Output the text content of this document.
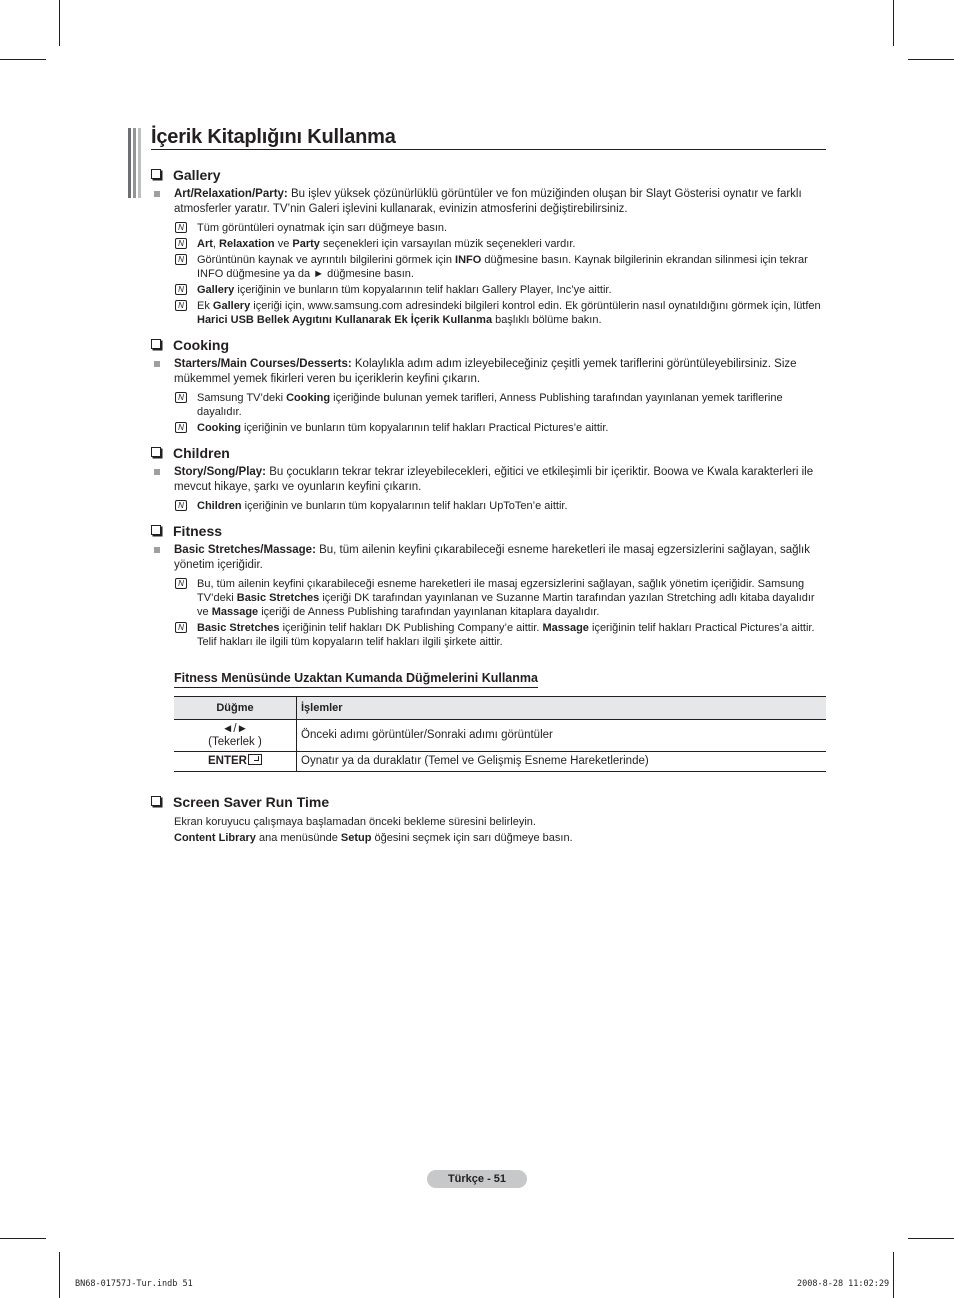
İçerik Kitaplığını Kullanma
Gallery
Art/Relaxation/Party: Bu işlev yüksek çözünürlüklü görüntüler ve fon müziğinden oluşan bir Slayt Gösterisi oynatır ve farklı atmosferler yaratır. TV’nin Galeri işlevini kullanarak, evinizin atmosferini değiştirebilirsiniz.
N Tüm görüntüleri oynatmak için sarı düğmeye basın.
N Art, Relaxation ve Party seçenekleri için varsayılan müzik seçenekleri vardır.
N Görüntünün kaynak ve ayrıntılı bilgilerini görmek için INFO düğmesine basın. Kaynak bilgilerinin ekrandan silinmesi için tekrar INFO düğmesine ya da ► düğmesine basın.
N Gallery içeriğinin ve bunların tüm kopyalarının telif hakları Gallery Player, Inc’ye aittir.
N Ek Gallery içeriği için, www.samsung.com adresindeki bilgileri kontrol edin. Ek görüntülerin nasıl oynatıldığını görmek için, lütfen Harici USB Bellek Aygıtını Kullanarak Ek İçerik Kullanma başlıklı bölüme bakın.
Cooking
Starters/Main Courses/Desserts: Kolaylıkla adım adım izleyebileceğiniz çeşitli yemek tariflerini görüntüleyebilirsiniz. Size mükemmel yemek fikirleri veren bu içeriklerin keyfini çıkarın.
N Samsung TV’deki Cooking içeriğinde bulunan yemek tarifleri, Anness Publishing tarafından yayınlanan yemek tariflerine dayalıdır.
N Cooking içeriğinin ve bunların tüm kopyalarının telif hakları Practical Pictures’e aittir.
Children
Story/Song/Play: Bu çocukların tekrar tekrar izleyebilecekleri, eğitici ve etkileşimli bir içeriktir. Boowa ve Kwala karakterleri ile mevcut hikaye, şarkı ve oyunların keyfini çıkarın.
N Children içeriğinin ve bunların tüm kopyalarının telif hakları UpToTen’e aittir.
Fitness
Basic Stretches/Massage: Bu, tüm ailenin keyfini çıkarabileceği esneme hareketleri ile masaj egzersizlerini sağlayan, sağlık yönetim içeriğidir.
N Bu, tüm ailenin keyfini çıkarabileceği esneme hareketleri ile masaj egzersizlerini sağlayan, sağlık yönetim içeriğidir. Samsung TV’deki Basic Stretches içeriği DK tarafından yayınlanan ve Suzanne Martin tarafından yazılan Stretching adlı kitaba dayalıdır ve Massage içeriği de Anness Publishing tarafından yayınlanan kitaplara dayalıdır.
N Basic Stretches içeriğinin telif hakları DK Publishing Company’e aittir. Massage içeriğinin telif hakları Practical Pictures’a aittir. Telif hakları ile ilgili tüm kopyaların telif hakları ilgili şirkete aittir.
Fitness Menüsünde Uzaktan Kumanda Düğmelerini Kullanma
Düğme	İşlemler

◄/►
(Tekerlek )	Önceki adımı görüntüler/Sonraki adımı görüntüler
ENTER	Oynatır ya da duraklatır (Temel ve Gelişmiş Esneme Hareketlerinde)
Screen Saver Run Time
Ekran koruyucu çalışmaya başlamadan önceki bekleme süresini belirleyin.
Content Library ana menüsünde Setup öğesini seçmek için sarı düğmeye basın.
Türkçe - 51
BN68-01757J-Tur.indb 51	2008-8-28 11:02:29
